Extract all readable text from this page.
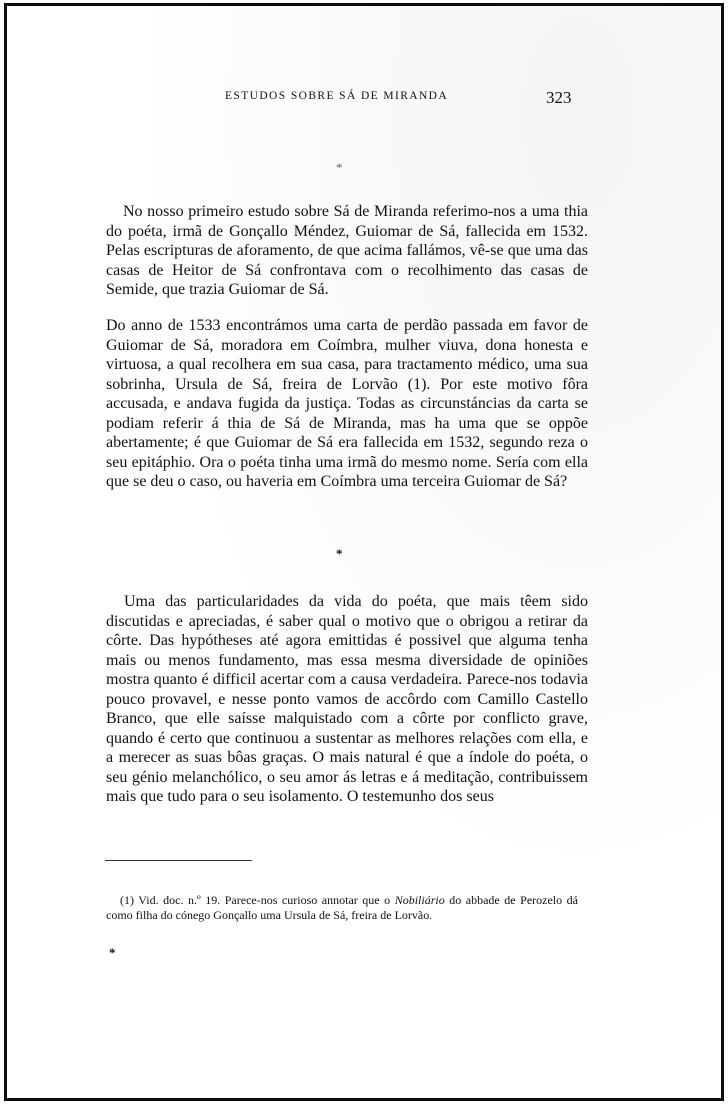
ESTUDOS SOBRE SÁ DE MIRANDA	323
*

No nosso primeiro estudo sobre Sá de Miranda referimo-nos a uma thia do poéta, irmã de Gonçallo Méndez, Guiomar de Sá, fallecida em 1532. Pelas escripturas de aforamento, de que acima fallámos, vê-se que uma das casas de Heitor de Sá confrontava com o recolhimento das casas de Semide, que trazia Guiomar de Sá.

Do anno de 1533 encontrámos uma carta de perdão passada em favor de Guiomar de Sá, moradora em Coímbra, mulher viuva, dona honesta e virtuosa, a qual recolhera em sua casa, para tractamento médico, uma sua sobrinha, Ursula de Sá, freira de Lorvão (1). Por este motivo fôra accusada, e andava fugida da justiça. Todas as circunstáncias da carta se podiam referir á thia de Sá de Miranda, mas ha uma que se oppõe abertamente; é que Guiomar de Sá era fallecida em 1532, segundo reza o seu epitáphio. Ora o poéta tinha uma irmã do mesmo nome. Sería com ella que se deu o caso, ou haveria em Coímbra uma terceira Guiomar de Sá?

*

Uma das particularidades da vida do poéta, que mais têem sido discutidas e apreciadas, é saber qual o motivo que o obrigou a retirar da côrte. Das hypótheses até agora emittidas é possivel que alguma tenha mais ou menos fundamento, mas essa mesma diversidade de opiniões mostra quanto é difficil acertar com a causa verdadeira. Parece-nos todavia pouco provavel, e nesse ponto vamos de accôrdo com Camillo Castello Branco, que elle saísse malquistado com a côrte por conflicto grave, quando é certo que continuou a sustentar as melhores relações com ella, e a merecer as suas bôas graças. O mais natural é que a índole do poéta, o seu génio melanchólico, o seu amor ás letras e á meditação, contribuissem mais que tudo para o seu isolamento. O testemunho dos seus

(1) Vid. doc. n.º 19. Parece-nos curioso annotar que o Nobiliário do abbade de Perozelo dá como filha do cónego Gonçallo uma Ursula de Sá, freira de Lorvão.

*
